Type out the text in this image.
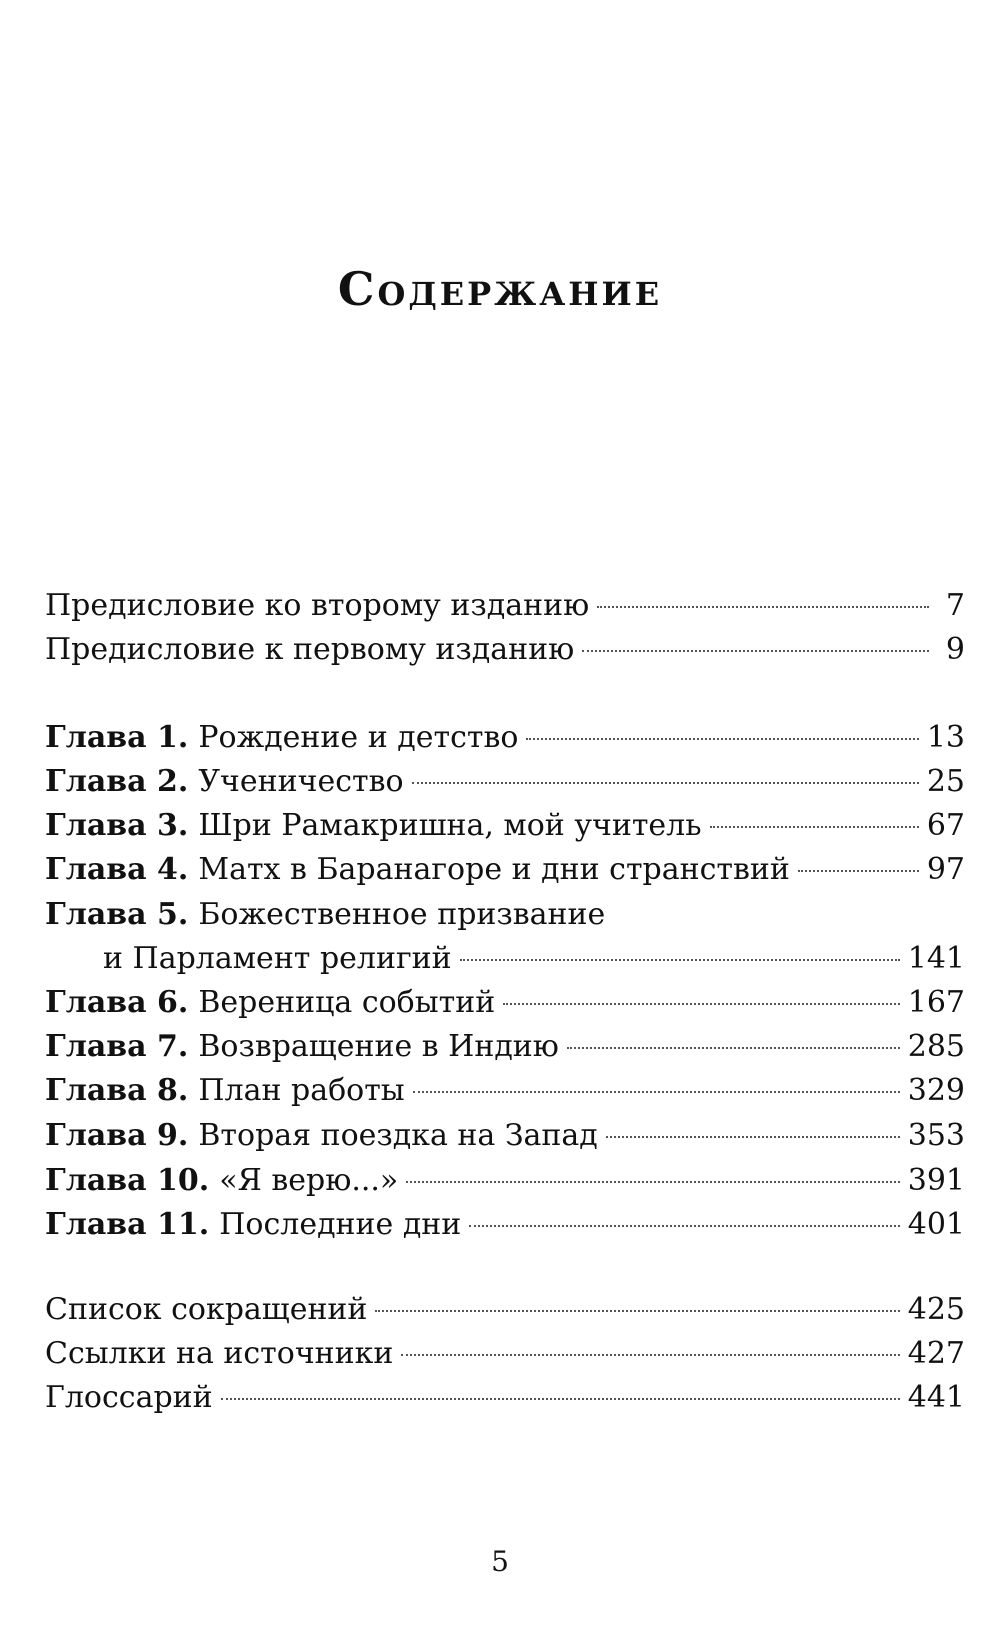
Содержание
Предисловие ко второму изданию	7
Предисловие к первому изданию	9
Глава 1. Рождение и детство	13
Глава 2. Ученичество	25
Глава 3. Шри Рамакришна, мой учитель	67
Глава 4. Матх в Баранагоре и дни странствий	97
Глава 5. Божественное призвание
и Парламент религий	141
Глава 6. Вереница событий	167
Глава 7. Возвращение в Индию	285
Глава 8. План работы	329
Глава 9. Вторая поездка на Запад	353
Глава 10. «Я верю...»	391
Глава 11. Последние дни	401
Список сокращений	425
Ссылки на источники	427
Глоссарий	441
5
